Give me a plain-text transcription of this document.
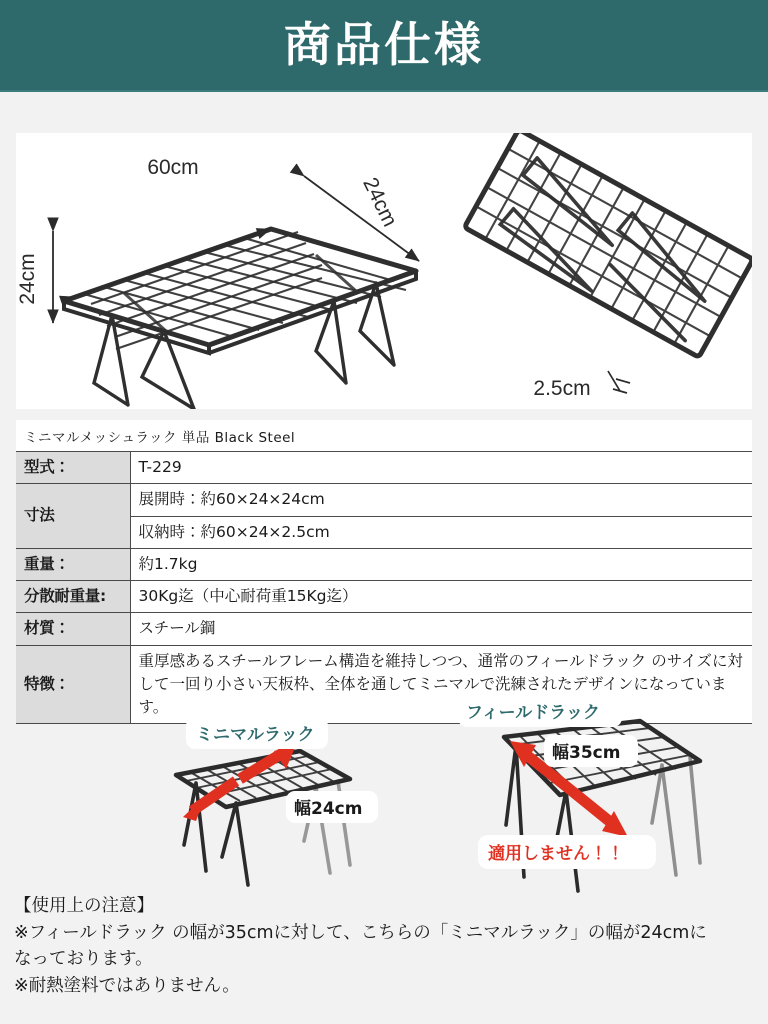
商品仕様
60cm
24cm
24cm
2.5cm
ミニマルメッシュラック 単品 Black Steel
型式：	T-229
寸法	展開時：約60×24×24cm
	収納時：約60×24×2.5cm
重量：	約1.7kg
分散耐重量:	30Kg迄（中心耐荷重15Kg迄）
材質：	スチール鋼
特徴：	重厚感あるスチールフレーム構造を維持しつつ、通常のフィールドラック のサイズに対して一回り小さい天板枠、全体を通してミニマルで洗練されたデザインになっています。
ミニマルラック
幅24cm
フィールドラック
幅35cm
適用しません！！
【使用上の注意】
※フィールドラック の幅が35cmに対して、こちらの「ミニマルラック」の幅が24cmに
なっております。
※耐熱塗料ではありません。
